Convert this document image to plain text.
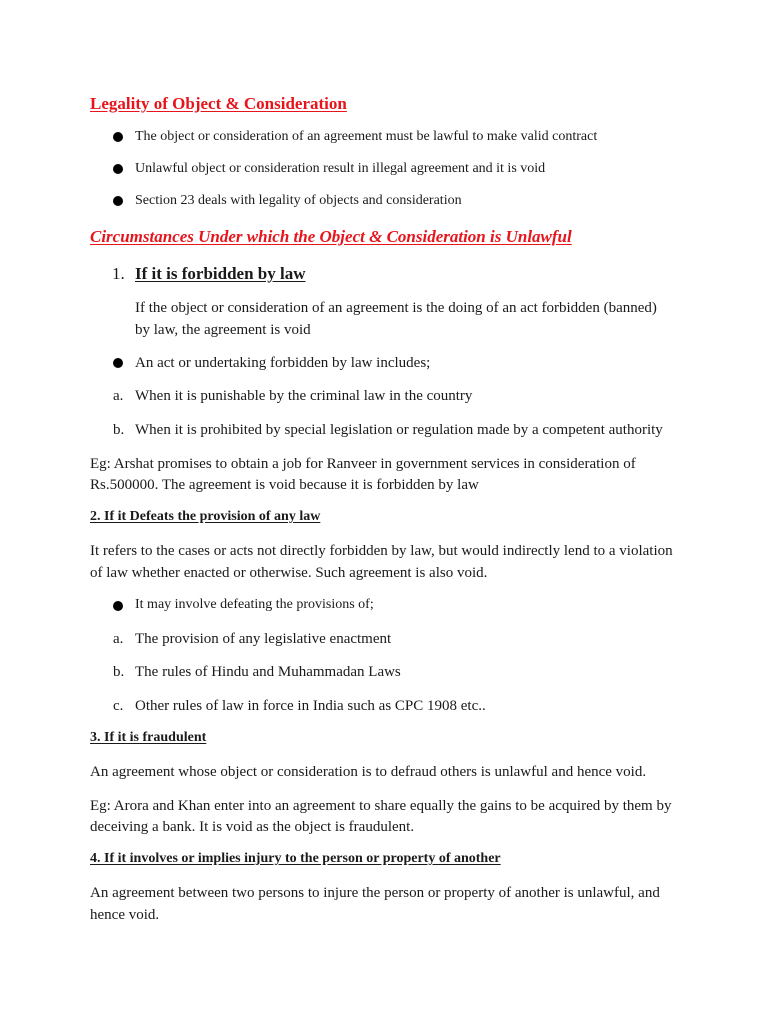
Legality of Object & Consideration
The object or consideration of an agreement must be lawful to make valid contract
Unlawful object or consideration result in illegal agreement and it is void
Section 23 deals with legality of objects and consideration
Circumstances Under which the Object & Consideration is Unlawful
1. If it is forbidden by law
If the object or consideration of an agreement is the doing of an act forbidden (banned)
by law, the agreement is void
An act or undertaking forbidden by law includes;
a. When it is punishable by the criminal law in the country
b. When it is prohibited by special legislation or regulation made by a competent authority
Eg: Arshat promises to obtain a job for Ranveer in government services in consideration of
Rs.500000. The agreement is void because it is forbidden by law
2. If it Defeats the provision of any law
It refers to the cases or acts not directly forbidden by law, but would indirectly lend to a violation
of law whether enacted or otherwise. Such agreement is also void.
It may involve defeating the provisions of;
a. The provision of any legislative enactment
b. The rules of Hindu and Muhammadan Laws
c. Other rules of law in force in India such as CPC 1908 etc..
3. If it is fraudulent
An agreement whose object or consideration is to defraud others is unlawful and hence void.
Eg: Arora and Khan enter into an agreement to share equally the gains to be acquired by them by
deceiving a bank. It is void as the object is fraudulent.
4. If it involves or implies injury to the person or property of another
An agreement between two persons to injure the person or property of another is unlawful, and
hence void.
